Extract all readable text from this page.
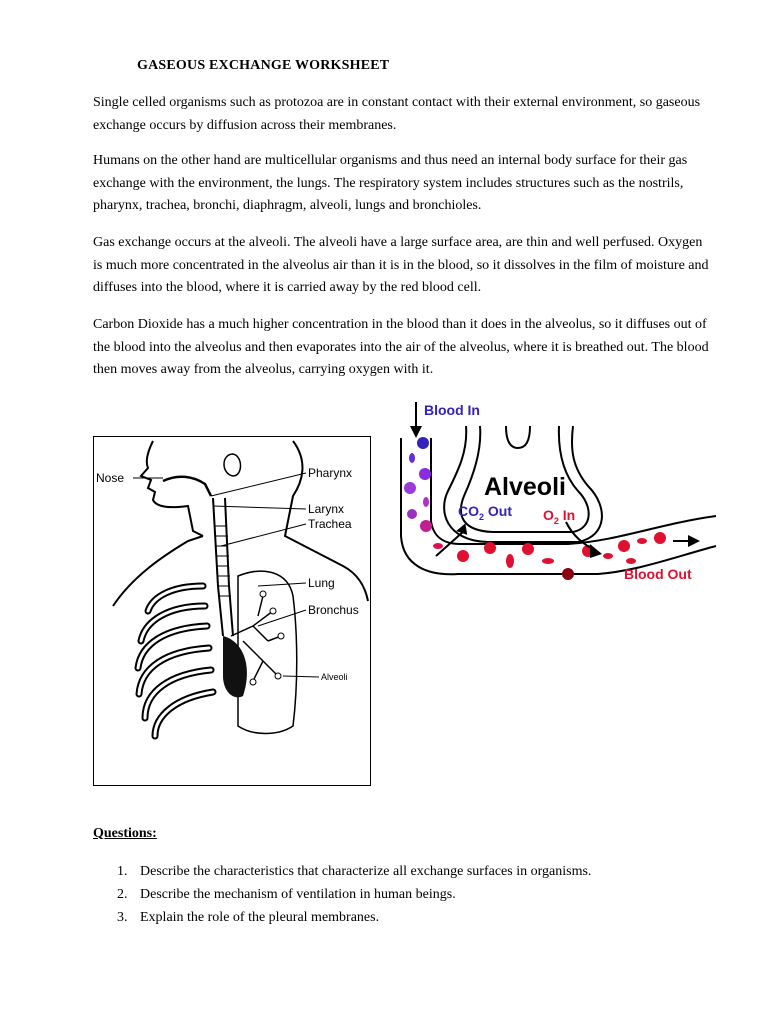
GASEOUS EXCHANGE WORKSHEET

Single celled organisms such as protozoa are in constant contact with their external environment, so gaseous exchange occurs by diffusion across their membranes.

Humans on the other hand are multicellular organisms and thus need an internal body surface for their gas exchange with the environment, the lungs. The respiratory system includes structures such as the nostrils, pharynx, trachea, bronchi, diaphragm, alveoli, lungs and bronchioles.

Gas exchange occurs at the alveoli. The alveoli have a large surface area, are thin and well perfused. Oxygen is much more concentrated in the alveolus air than it is in the blood, so it dissolves in the film of moisture and diffuses into the blood, where it is carried away by the red blood cell.

Carbon Dioxide has a much higher concentration in the blood than it does in the alveolus, so it diffuses out of the blood into the alveolus and then evaporates into the air of the alveolus, where it is breathed out. The blood then moves away from the alveolus, carrying oxygen with it.

Nose	Pharynx
Larynx
Trachea
Lung
Bronchus
Alveoli
Blood In
Alveoli
$CO_2$ Out $O_2$ In
Blood Out
Questions:
1. Describe the characteristics that characterize all exchange surfaces in organisms.
2. Describe the mechanism of ventilation in human beings.
3. Explain the role of the pleural membranes.
